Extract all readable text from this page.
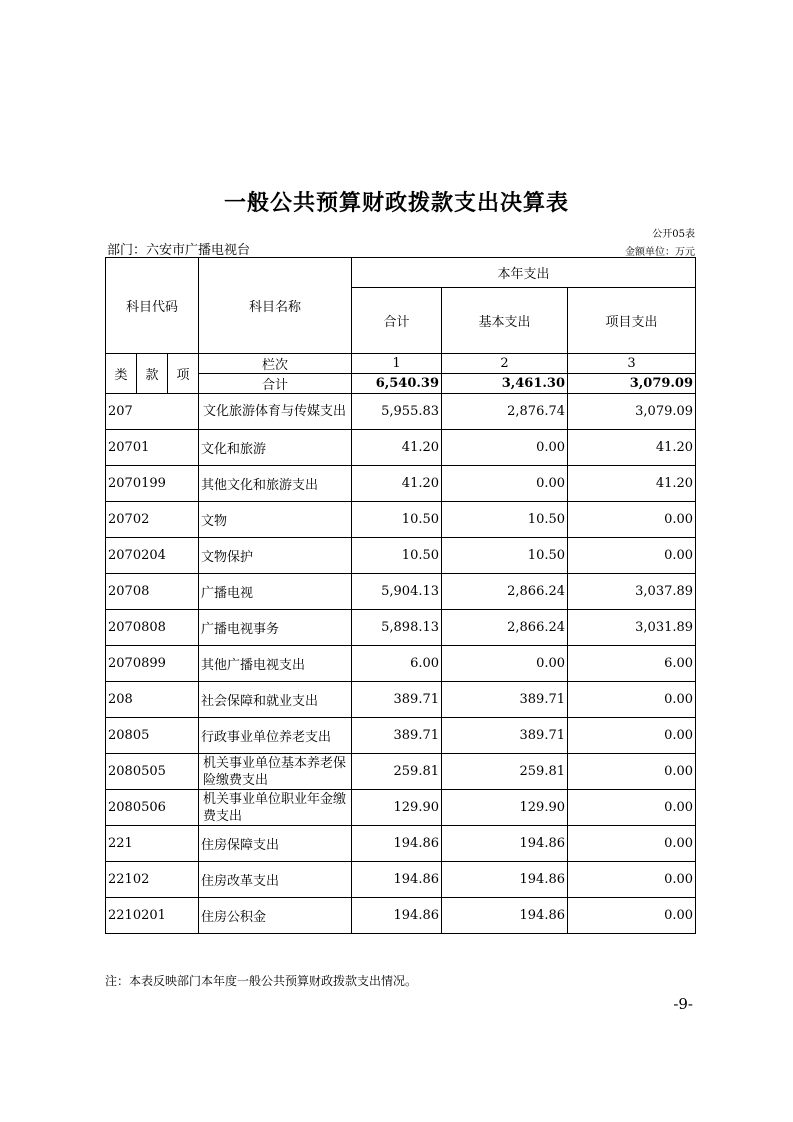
一般公共预算财政拨款支出决算表
公开05表
部门：六安市广播电视台	金额单位：万元
科目代码			科目名称	本年支出		
				合计	基本支出	项目支出
类	款	项	栏次	1	2	3
			合计	6,540.39	3,461.30	3,079.09
207			文化旅游体育与传媒支出	5,955.83	2,876.74	3,079.09
20701			文化和旅游	41.20	0.00	41.20
2070199			其他文化和旅游支出	41.20	0.00	41.20
20702			文物	10.50	10.50	0.00
2070204			文物保护	10.50	10.50	0.00
20708			广播电视	5,904.13	2,866.24	3,037.89
2070808			广播电视事务	5,898.13	2,866.24	3,031.89
2070899			其他广播电视支出	6.00	0.00	6.00
208			社会保障和就业支出	389.71	389.71	0.00
20805			行政事业单位养老支出	389.71	389.71	0.00
2080505			机关事业单位基本养老保险缴费支出	259.81	259.81	0.00
2080506			机关事业单位职业年金缴费支出	129.90	129.90	0.00
221			住房保障支出	194.86	194.86	0.00
22102			住房改革支出	194.86	194.86	0.00
2210201			住房公积金	194.86	194.86	0.00
注：本表反映部门本年度一般公共预算财政拨款支出情况。
-9-
